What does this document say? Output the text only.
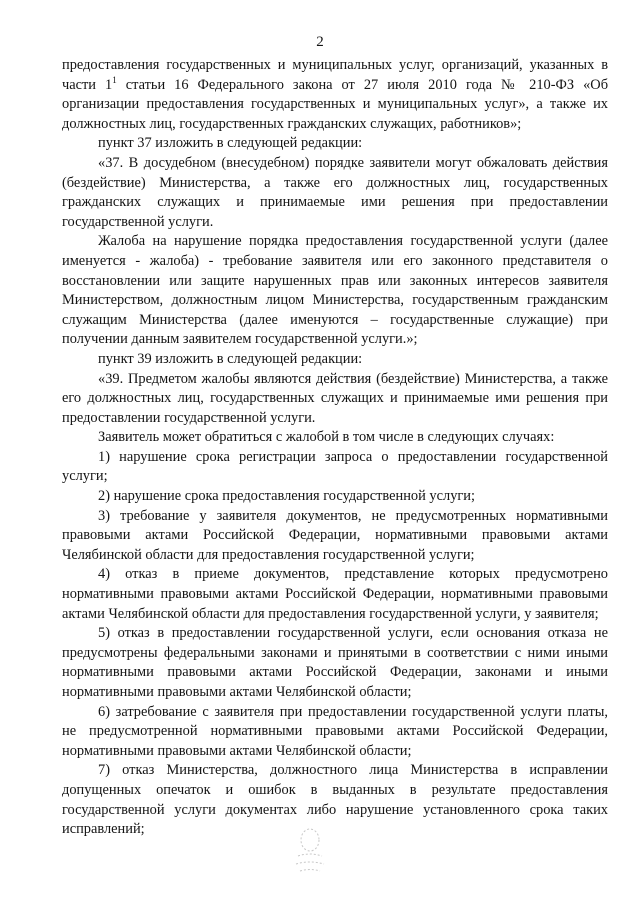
2

предоставления государственных и муниципальных услуг, организаций, указанных в части $1^1$ статьи 16 Федерального закона от 27 июля 2010 года № 210-ФЗ «Об организации предоставления государственных и муниципальных услуг», а также их должностных лиц, государственных гражданских служащих, работников»;

пункт 37 изложить в следующей редакции:

«37. В досудебном (внесудебном) порядке заявители могут обжаловать действия (бездействие) Министерства, а также его должностных лиц, государственных гражданских служащих и принимаемые ими решения при предоставлении государственной услуги.

Жалоба на нарушение порядка предоставления государственной услуги (далее именуется - жалоба) - требование заявителя или его законного представителя о восстановлении или защите нарушенных прав или законных интересов заявителя Министерством, должностным лицом Министерства, государственным гражданским служащим Министерства (далее именуются – государственные служащие) при получении данным заявителем государственной услуги.»;

пункт 39 изложить в следующей редакции:

«39. Предметом жалобы являются действия (бездействие) Министерства, а также его должностных лиц, государственных служащих и принимаемые ими решения при предоставлении государственной услуги.

Заявитель может обратиться с жалобой в том числе в следующих случаях:

1) нарушение срока регистрации запроса о предоставлении государственной услуги;

2) нарушение срока предоставления государственной услуги;

3) требование у заявителя документов, не предусмотренных нормативными правовыми актами Российской Федерации, нормативными правовыми актами Челябинской области для предоставления государственной услуги;

4) отказ в приеме документов, представление которых предусмотрено нормативными правовыми актами Российской Федерации, нормативными правовыми актами Челябинской области для предоставления государственной услуги, у заявителя;

5) отказ в предоставлении государственной услуги, если основания отказа не предусмотрены федеральными законами и принятыми в соответствии с ними иными нормативными правовыми актами Российской Федерации, законами и иными нормативными правовыми актами Челябинской области;

6) затребование с заявителя при предоставлении государственной услуги платы, не предусмотренной нормативными правовыми актами Российской Федерации, нормативными правовыми актами Челябинской области;

7) отказ Министерства, должностного лица Министерства в исправлении допущенных опечаток и ошибок в выданных в результате предоставления государственной услуги документах либо нарушение установленного срока таких исправлений;
